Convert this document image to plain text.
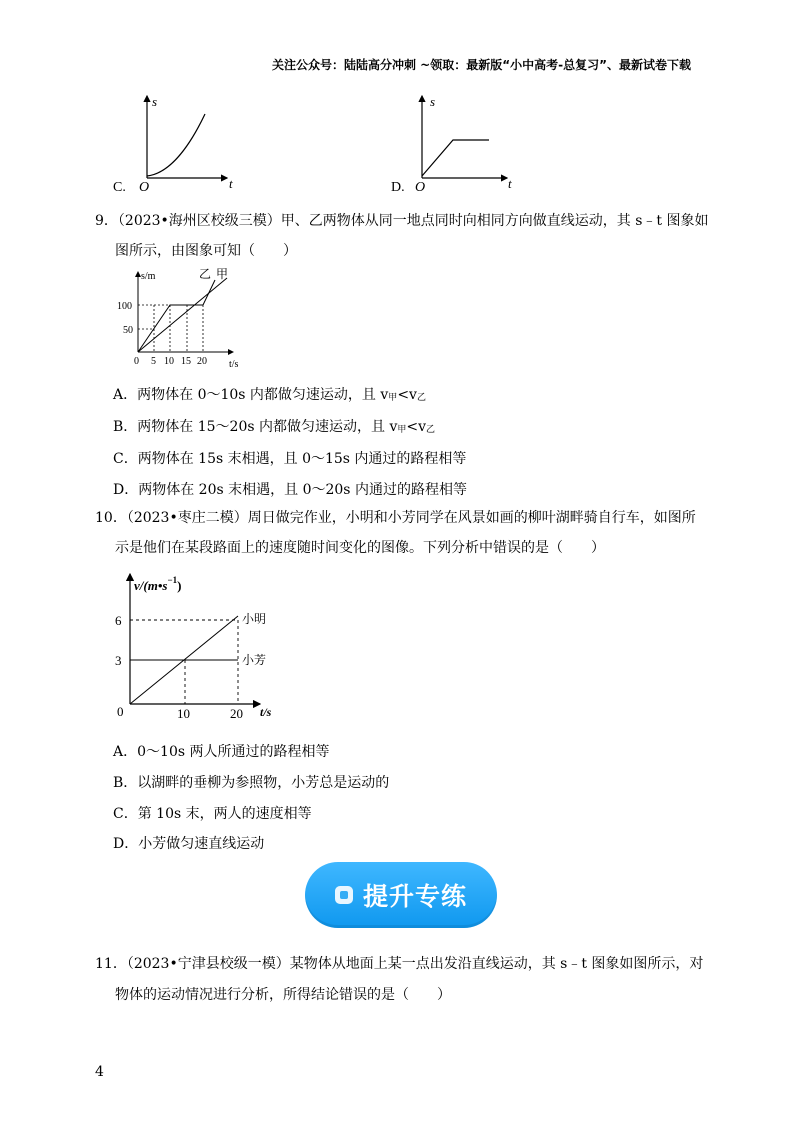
关注公众号：陆陆高分冲刺 ~领取：最新版“小中高考-总复习”、最新试卷下载
s
t
O
C.
s
t
O
D.
9．（2023•海州区校级三模）甲、乙两物体从同一地点同时向相同方向做直线运动，其 s﹣t 图象如
图所示，由图象可知（　　）
s/m
t/s
乙 甲
100
50
0 5 10 15 20
A．两物体在 0～10s 内都做匀速运动，且 v甲<v乙
B．两物体在 15～20s 内都做匀速运动，且 v甲<v乙
C．两物体在 15s 末相遇，且 0～15s 内通过的路程相等
D．两物体在 20s 末相遇，且 0～20s 内通过的路程相等
10．（2023•枣庄二模）周日做完作业，小明和小芳同学在风景如画的柳叶湖畔骑自行车，如图所
示是他们在某段路面上的速度随时间变化的图像。下列分析中错误的是（　　）
$v/(m•s^{-1})$
t/s
6
3
0	10	20
小明
小芳
A．0～10s 两人所通过的路程相等
B．以湖畔的垂柳为参照物，小芳总是运动的
C．第 10s 末，两人的速度相等
D．小芳做匀速直线运动
提升专练
11．（2023•宁津县校级一模）某物体从地面上某一点出发沿直线运动，其 s﹣t 图象如图所示，对
物体的运动情况进行分析，所得结论错误的是（　　）
4
